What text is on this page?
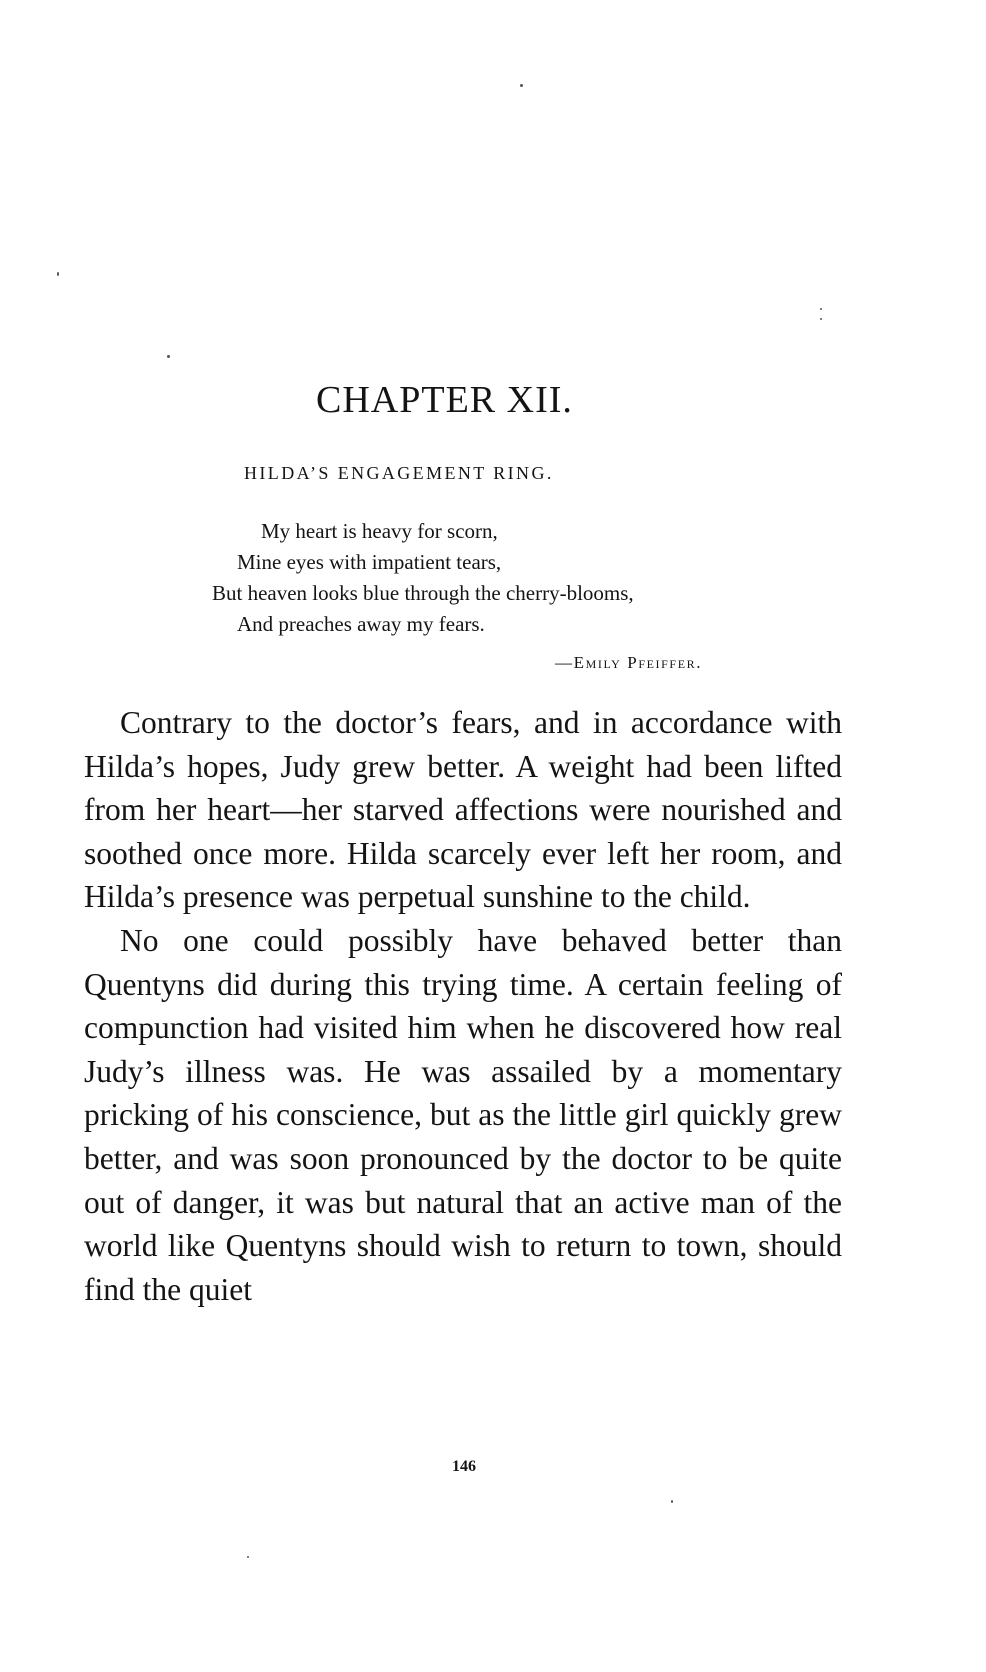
CHAPTER XII.
HILDA’S ENGAGEMENT RING.
My heart is heavy for scorn,
Mine eyes with impatient tears,
But heaven looks blue through the cherry-blooms,
And preaches away my fears.
—Emily Pfeiffer.

Contrary to the doctor’s fears, and in accordance with Hilda’s hopes, Judy grew better. A weight had been lifted from her heart—her starved affections were nourished and soothed once more. Hilda scarcely ever left her room, and Hilda’s presence was perpetual sunshine to the child.

No one could possibly have behaved better than Quentyns did during this trying time. A certain feeling of compunction had visited him when he discovered how real Judy’s illness was. He was assailed by a momentary pricking of his conscience, but as the little girl quickly grew better, and was soon pronounced by the doctor to be quite out of danger, it was but natural that an active man of the world like Quentyns should wish to return to town, should find the quiet

146
